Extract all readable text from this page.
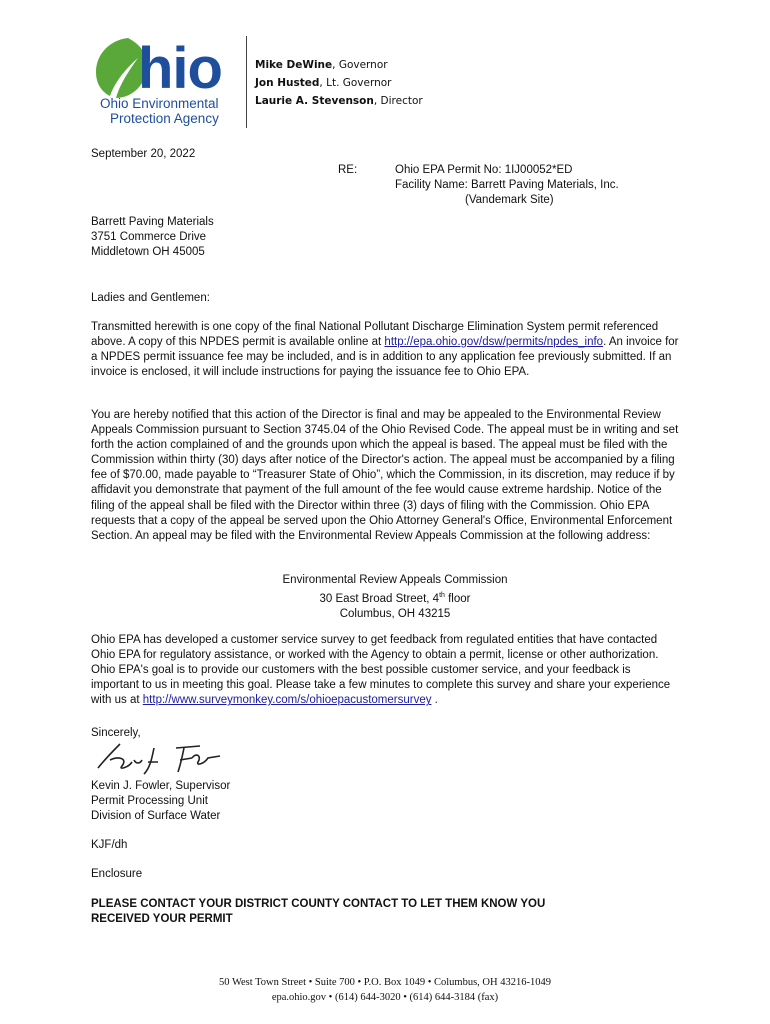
hio
Ohio Environmental
Protection Agency
Mike DeWine, Governor
Jon Husted, Lt. Governor
Laurie A. Stevenson, Director
September 20, 2022
RE:	Ohio EPA Permit No: 1IJ00052*ED
Facility Name: Barrett Paving Materials, Inc.
(Vandemark Site)
Barrett Paving Materials
3751 Commerce Drive
Middletown OH 45005
Ladies and Gentlemen:
Transmitted herewith is one copy of the final National Pollutant Discharge Elimination System permit referenced above. A copy of this NPDES permit is available online at http://epa.ohio.gov/dsw/permits/npdes_info. An invoice for a NPDES permit issuance fee may be included, and is in addition to any application fee previously submitted. If an invoice is enclosed, it will include instructions for paying the issuance fee to Ohio EPA.
You are hereby notified that this action of the Director is final and may be appealed to the Environmental Review Appeals Commission pursuant to Section 3745.04 of the Ohio Revised Code. The appeal must be in writing and set forth the action complained of and the grounds upon which the appeal is based. The appeal must be filed with the Commission within thirty (30) days after notice of the Director's action. The appeal must be accompanied by a filing fee of $70.00, made payable to “Treasurer State of Ohio”, which the Commission, in its discretion, may reduce if by affidavit you demonstrate that payment of the full amount of the fee would cause extreme hardship. Notice of the filing of the appeal shall be filed with the Director within three (3) days of filing with the Commission. Ohio EPA requests that a copy of the appeal be served upon the Ohio Attorney General's Office, Environmental Enforcement Section. An appeal may be filed with the Environmental Review Appeals Commission at the following address:
Environmental Review Appeals Commission
30 East Broad Street, 4th floor
Columbus, OH 43215
Ohio EPA has developed a customer service survey to get feedback from regulated entities that have contacted Ohio EPA for regulatory assistance, or worked with the Agency to obtain a permit, license or other authorization. Ohio EPA's goal is to provide our customers with the best possible customer service, and your feedback is important to us in meeting this goal. Please take a few minutes to complete this survey and share your experience with us at http://www.surveymonkey.com/s/ohioepacustomersurvey .
Sincerely,
Kevin J. Fowler, Supervisor
Permit Processing Unit
Division of Surface Water
KJF/dh
Enclosure
PLEASE CONTACT YOUR DISTRICT COUNTY CONTACT TO LET THEM KNOW YOU
RECEIVED YOUR PERMIT
50 West Town Street • Suite 700 • P.O. Box 1049 • Columbus, OH 43216-1049
epa.ohio.gov • (614) 644-3020 • (614) 644-3184 (fax)
